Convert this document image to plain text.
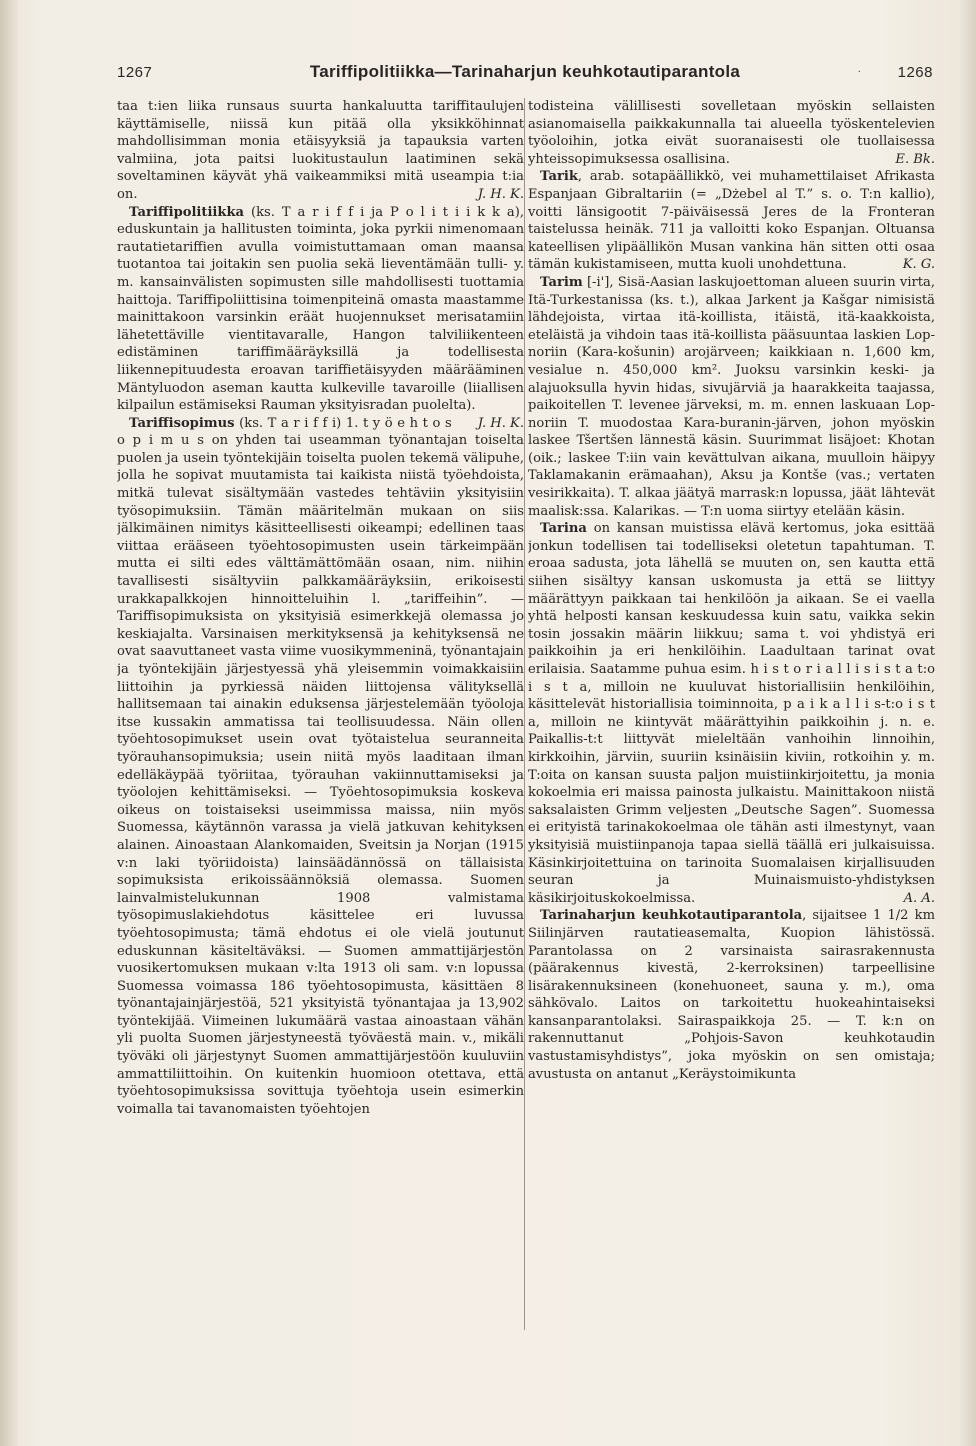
1267	Tariffipolitiikka—Tarinaharjun keuhkotautiparantola	· 1268

taa t:ien liika runsaus suurta hankaluutta tariffitaulujen käyttämiselle, niissä kun pitää olla yksikköhinnat mahdollisimman monia etäisyyksiä ja tapauksia varten valmiina, jota paitsi luokitustaulun laatiminen sekä soveltaminen käyvät yhä vaikeammiksi mitä useampia t:ia on.	J. H. K.

Tariffipolitiikka (ks. T a r i f f i ja P o l i t i i k k a), eduskuntain ja hallitusten toiminta, joka pyrkii nimenomaan rautatietariffien avulla voimistuttamaan oman maansa tuotantoa tai joitakin sen puolia sekä lieventämään tulli- y. m. kansainvälisten sopimusten sille mahdollisesti tuottamia haittoja. Tariffipoliittisina toimenpiteinä omasta maastamme mainittakoon varsinkin eräät huojennukset merisatamiin lähetettäville vientitavaralle, Hangon talviliikenteen edistäminen tariffimääräyksillä ja todellisesta liikennepituudesta eroavan tariffietäisyyden määrääminen Mäntyluodon aseman kautta kulkeville tavaroille (liiallisen kilpailun estämiseksi Rauman yksityisradan puolelta).
J. H. K.

Tariffisopimus (ks. T a r i f f i) 1. t y ö e h t o s o p i m u s on yhden tai useamman työnantajan toiselta puolen ja usein työntekijäin toiselta puolen tekemä välipuhe, jolla he sopivat muutamista tai kaikista niistä työehdoista, mitkä tulevat sisältymään vastedes tehtäviin yksityisiin työsopimuksiin. Tämän määritelmän mukaan on siis jälkimäinen nimitys käsitteellisesti oikeampi; edellinen taas viittaa erääseen työehtosopimusten usein tärkeimpään mutta ei silti edes välttämättömään osaan, nim. niihin tavallisesti sisältyviin palkkamääräyksiin, erikoisesti urakkapalkkojen hinnoitteluihin l. „tariffeihin”. — Tariffisopimuksista on yksityisiä esimerkkejä olemassa jo keskiajalta. Varsinaisen merkityksensä ja kehityksensä ne ovat saavuttaneet vasta viime vuosikymmeninä, työnantajain ja työntekijäin järjestyessä yhä yleisemmin voimakkaisiin liittoihin ja pyrkiessä näiden liittojensa välityksellä hallitsemaan tai ainakin eduksensa järjestelemään työoloja itse kussakin ammatissa tai teollisuudessa. Näin ollen työehtosopimukset usein ovat työtaistelua seuranneita työrauhansopimuksia; usein niitä myös laaditaan ilman edelläkäypää työriitaa, työrauhan vakiinnuttamiseksi ja työolojen kehittämiseksi. — Työehtosopimuksia koskeva oikeus on toistaiseksi useimmissa maissa, niin myös Suomessa, käytännön varassa ja vielä jatkuvan kehityksen alainen. Ainoastaan Alankomaiden, Sveitsin ja Norjan (1915 v:n laki työriidoista) lainsäädännössä on tällaisista sopimuksista erikoissäännöksiä olemassa. Suomen lainvalmistelukunnan 1908 valmistama työsopimuslakiehdotus käsittelee eri luvussa työehtosopimusta; tämä ehdotus ei ole vielä joutunut eduskunnan käsiteltäväksi. — Suomen ammattijärjestön vuosikertomuksen mukaan v:lta 1913 oli sam. v:n lopussa Suomessa voimassa 186 työehtosopimusta, käsittäen 8 työnantajainjärjestöä, 521 yksityistä työnantajaa ja 13,902 työntekijää. Viimeinen lukumäärä vastaa ainoastaan vähän yli puolta Suomen järjestyneestä työväestä main. v., mikäli työväki oli järjestynyt Suomen ammattijärjestöön kuuluviin ammattiliittoihin. On kuitenkin huomioon otettava, että työehtosopimuksissa sovittuja työehtoja usein esimerkin voimalla tai tavanomaisten työehtojen

todisteina välillisesti sovelletaan myöskin sellaisten asianomaisella paikkakunnalla tai alueella työskentelevien työoloihin, jotka eivät suoranaisesti ole tuollaisessa yhteissopimuksessa osallisina.	E. Bk.

Tarik, arab. sotapäällikkö, vei muhamettilaiset Afrikasta Espanjaan Gibraltariin (= „Dżebel al T.” s. o. T:n kallio), voitti länsigootit 7-päiväisessä Jeres de la Fronteran taistelussa heinäk. 711 ja valloitti koko Espanjan. Oltuansa kateellisen ylipäällikön Musan vankina hän sitten otti osaa tämän kukistamiseen, mutta kuoli unohdettuna.	K. G.

Tarim [-i'], Sisä-Aasian laskujoettoman alueen suurin virta, Itä-Turkestanissa (ks. t.), alkaa Jarkent ja Kašgar nimisistä lähdejoista, virtaa itä-koillista, itäistä, itä-kaakkoista, eteläistä ja vihdoin taas itä-koillista pääsuuntaa laskien Lop-noriin (Kara-košunin) arojärveen; kaikkiaan n. 1,600 km, vesialue n. 450,000 km². Juoksu varsinkin keski- ja alajuoksulla hyvin hidas, sivujärviä ja haarakkeita taajassa, paikoitellen T. levenee järveksi, m. m. ennen laskuaan Lop-noriin T. muodostaa Kara-buranin-järven, johon myöskin laskee Tšertšen lännestä käsin. Suurimmat lisäjoet: Khotan (oik.; laskee T:iin vain kevättulvan aikana, muulloin häipyy Taklamakanin erämaahan), Aksu ja Kontše (vas.; vertaten vesirikkaita). T. alkaa jäätyä marrask:n lopussa, jäät lähtevät maalisk:ssa. Kalarikas. — T:n uoma siirtyy etelään käsin.

Tarina on kansan muistissa elävä kertomus, joka esittää jonkun todellisen tai todelliseksi oletetun tapahtuman. T. eroaa sadusta, jota lähellä se muuten on, sen kautta että siihen sisältyy kansan uskomusta ja että se liittyy määrättyyn paikkaan tai henkilöön ja aikaan. Se ei vaella yhtä helposti kansan keskuudessa kuin satu, vaikka sekin tosin jossakin määrin liikkuu; sama t. voi yhdistyä eri paikkoihin ja eri henkilöihin. Laadultaan tarinat ovat erilaisia. Saatamme puhua esim. h i s t o r i a l l i s i s t a t:o i s t a, milloin ne kuuluvat historiallisiin henkilöihin, käsittelevät historiallisia toiminnoita, p a i k a l l i s-t:o i s t a, milloin ne kiintyvät määrättyihin paikkoihin j. n. e. Paikallis-t:t liittyvät mieleltään vanhoihin linnoihin, kirkkoihin, järviin, suuriin ksinäisiin kiviin, rotkoihin y. m. T:oita on kansan suusta paljon muistiinkirjoitettu, ja monia kokoelmia eri maissa painosta julkaistu. Mainittakoon niistä saksalaisten Grimm veljesten „Deutsche Sagen”. Suomessa ei erityistä tarinakokoelmaa ole tähän asti ilmestynyt, vaan yksityisiä muistiinpanoja tapaa siellä täällä eri julkaisuissa. Käsinkirjoitettuina on tarinoita Suomalaisen kirjallisuuden seuran ja Muinaismuisto-yhdistyksen käsikirjoituskokoelmissa.	A. A.

Tarinaharjun keuhkotautiparantola, sijaitsee 1 1/2 km Siilinjärven rautatieasemalta, Kuopion lähistössä. Parantolassa on 2 varsinaista sairasrakennusta (päärakennus kivestä, 2-kerroksinen) tarpeellisine lisärakennuksineen (konehuoneet, sauna y. m.), oma sähkövalo. Laitos on tarkoitettu huokeahintaiseksi kansanparantolaksi. Sairaspaikkoja 25. — T. k:n on rakennuttanut „Pohjois-Savon keuhkotaudin vastustamisyhdistys”, joka myöskin on sen omistaja; avustusta on antanut „Keräystoimikunta
